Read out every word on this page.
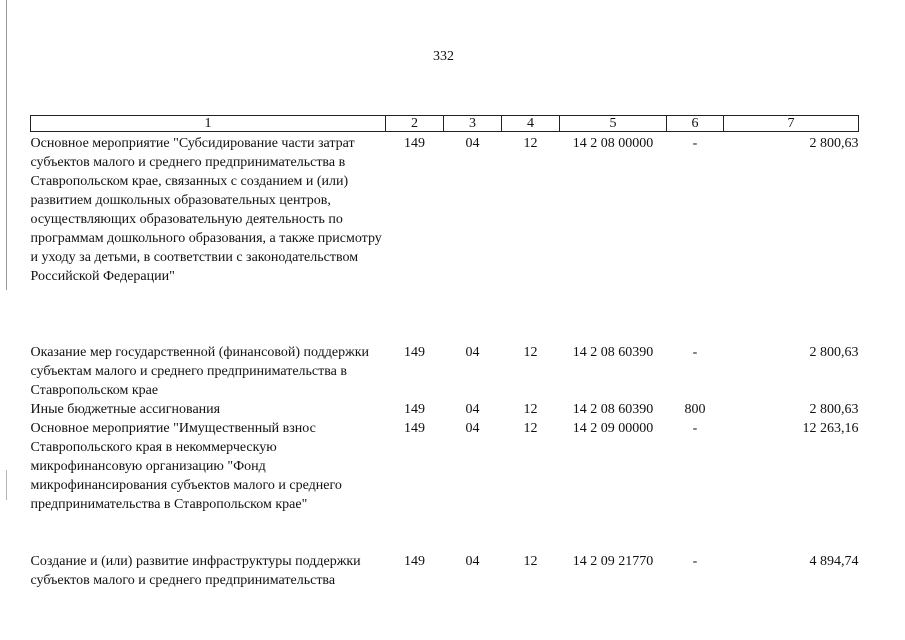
332
1	2	3	4	5	6	7
Основное мероприятие "Субсидирование части затрат субъектов малого и среднего предпринимательства в Ставропольском крае, связанных с созданием и (или) развитием дошкольных образовательных центров, осуществляющих образовательную деятельность по программам дошкольного образования, а также присмотру и уходу за детьми, в соответствии с законодательством Российской Федерации"	149	04	12	14 2 08 00000	-	2 800,63

Оказание мер государственной (финансовой) поддержки субъектам малого и среднего предпринимательства в Ставропольском крае	149	04	12	14 2 08 60390	-	2 800,63
Иные бюджетные ассигнования	149	04	12	14 2 08 60390	800	2 800,63
Основное мероприятие "Имущественный взнос Ставропольского края в некоммерческую микрофинансовую организацию "Фонд микрофинансирования субъектов малого и среднего предпринимательства в Ставропольском крае"	149	04	12	14 2 09 00000	-	12 263,16

Создание и (или) развитие инфраструктуры поддержки субъектов малого и среднего предпринимательства	149	04	12	14 2 09 21770	-	4 894,74
